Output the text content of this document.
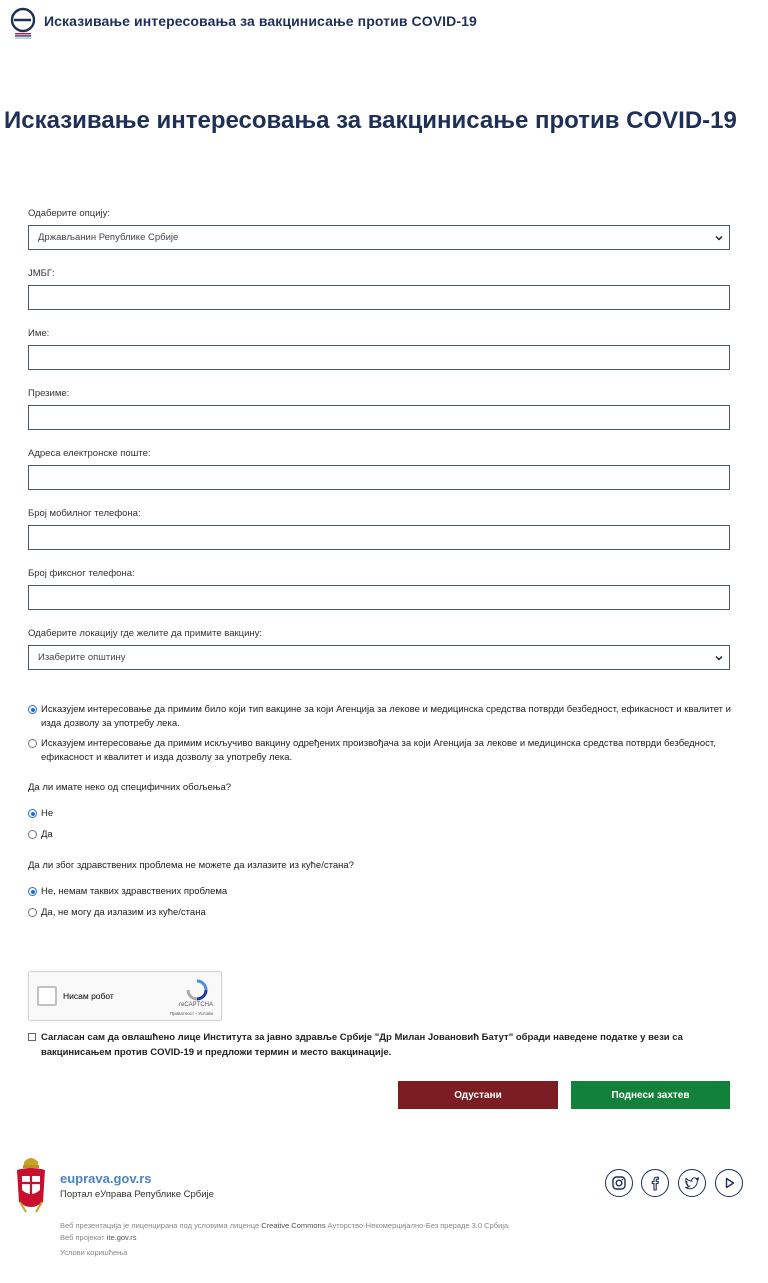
Исказивање интересовања за вакцинисање против COVID-19
Исказивање интересовања за вакцинисање против COVID-19
Одаберите опцију:
Држављанин Републике Србије
ЈМБГ:
Име:
Презиме:
Адреса електронске поште:
Број мобилног телефона:
Број фиксног телефона:
Одаберите локацију где желите да примите вакцину:
Изаберите општину
Исказујем интересовање да примим било који тип вакцине за који Агенција за лекове и медицинска средства потврди безбедност, ефикасност и квалитет и изда дозволу за употребу лека.
Исказујем интересовање да примим искључиво вакцину одређених произвођача за који Агенција за лекове и медицинска средства потврди безбедност, ефикасност и квалитет и изда дозволу за употребу лека.
Да ли имате неко од специфичних обољења?
Не
Да
Да ли због здравствених проблема не можете да излазите из куће/стана?
Не, немам таквих здравствених проблема
Да, не могу да излазим из куће/стана
Нисам робот
reCAPTCHA
Приватност - Услови
Сагласан сам да овлашћено лице Института за јавно здравље Србије "Др Милан Јовановић Батут" обради наведене податке у вези са вакцинисањем против COVID-19 и предложи термин и место вакцинације.
Одустани	Поднеси захтев
euprava.gov.rs
Портал еУправа Републике Србије
Веб презентација је лиценцирана под условима лиценце Creative Commons Ауторство-Некомерцијално-Без прераде 3.0 Србија. Веб пројекат ite.gov.rs
Услови коришћења
